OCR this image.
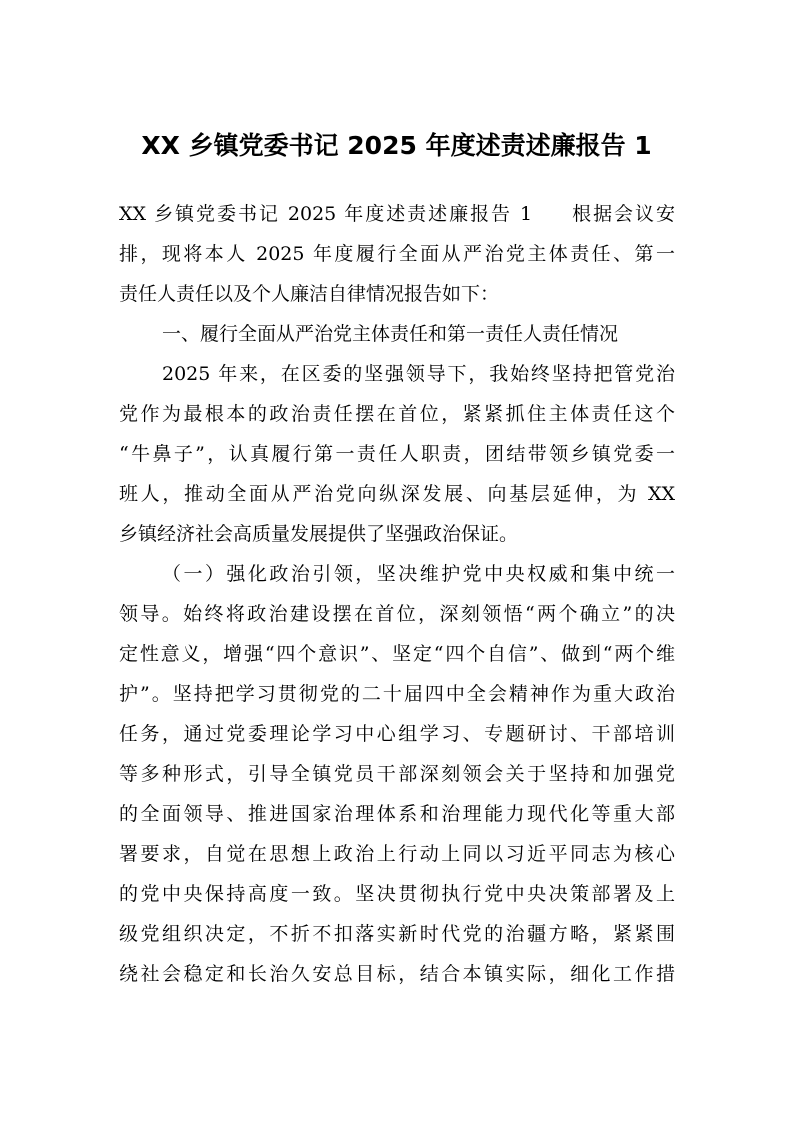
XX 乡镇党委书记 2025 年度述责述廉报告 1
XX 乡镇党委书记 2025 年度述责述廉报告 1 根据会议安
排，现将本人 2025 年度履行全面从严治党主体责任、第一
责任人责任以及个人廉洁自律情况报告如下：
一、履行全面从严治党主体责任和第一责任人责任情况
2025 年来，在区委的坚强领导下，我始终坚持把管党治
党作为最根本的政治责任摆在首位，紧紧抓住主体责任这个
“牛鼻子”，认真履行第一责任人职责，团结带领乡镇党委一
班人，推动全面从严治党向纵深发展、向基层延伸，为 XX
乡镇经济社会高质量发展提供了坚强政治保证。
（一）强化政治引领，坚决维护党中央权威和集中统一
领导。始终将政治建设摆在首位，深刻领悟“两个确立”的决
定性意义，增强“四个意识”、坚定“四个自信”、做到“两个维
护”。坚持把学习贯彻党的二十届四中全会精神作为重大政治
任务，通过党委理论学习中心组学习、专题研讨、干部培训
等多种形式，引导全镇党员干部深刻领会关于坚持和加强党
的全面领导、推进国家治理体系和治理能力现代化等重大部
署要求，自觉在思想上政治上行动上同以习近平同志为核心
的党中央保持高度一致。坚决贯彻执行党中央决策部署及上
级党组织决定，不折不扣落实新时代党的治疆方略，紧紧围
绕社会稳定和长治久安总目标，结合本镇实际，细化工作措
